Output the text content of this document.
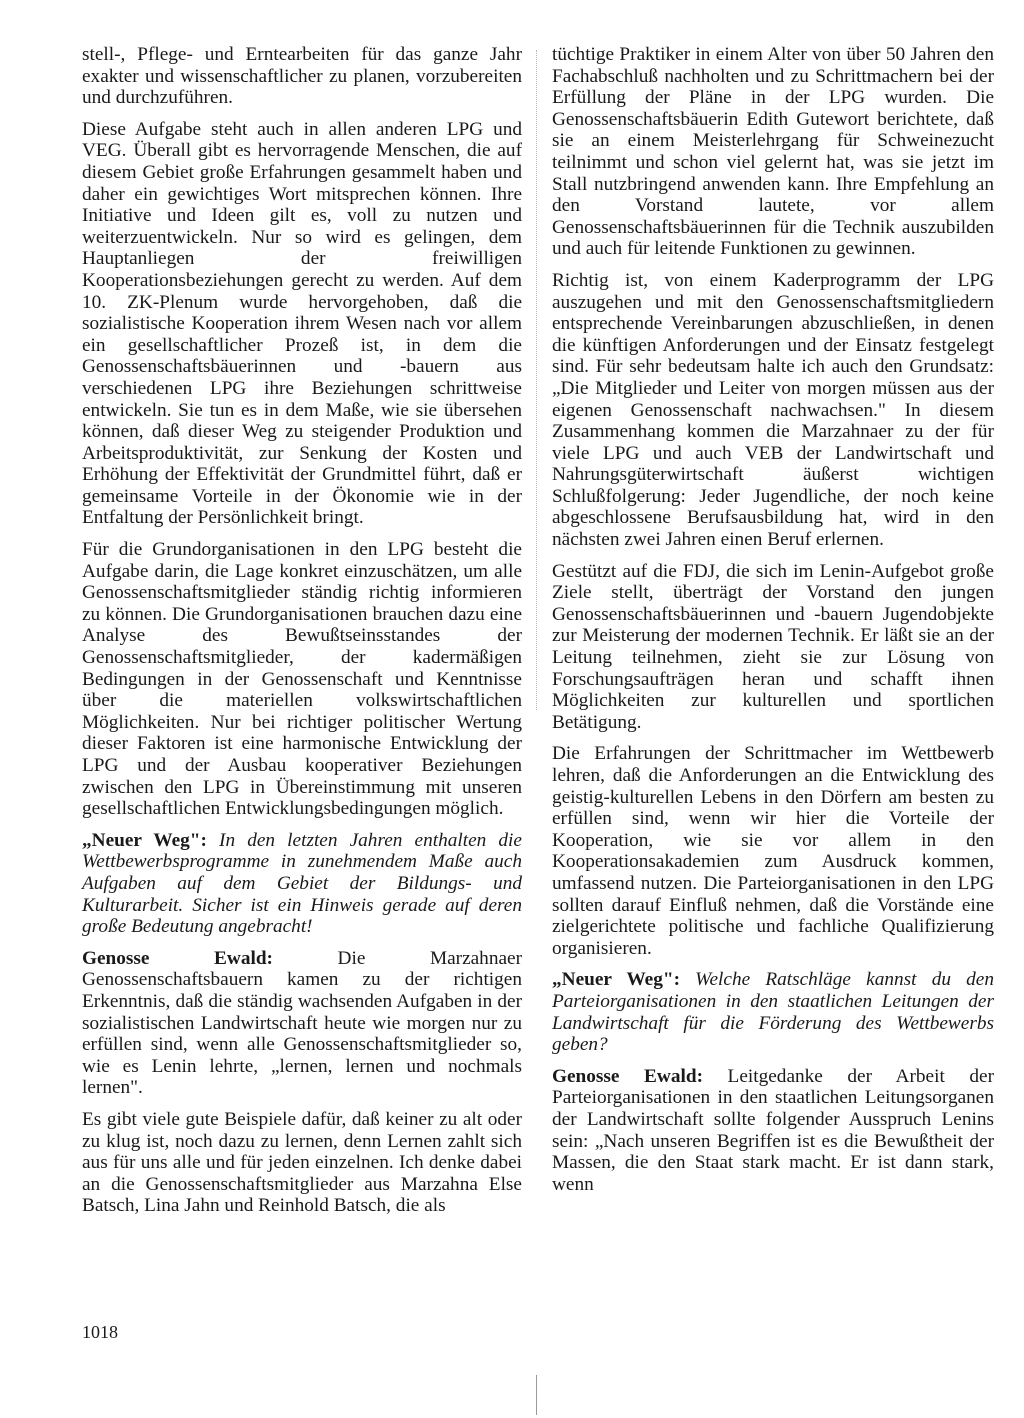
stell-, Pflege- und Erntearbeiten für das ganze Jahr exakter und wissenschaftlicher zu planen, vorzubereiten und durchzuführen.

Diese Aufgabe steht auch in allen anderen LPG und VEG. Überall gibt es hervorragende Menschen, die auf diesem Gebiet große Erfahrungen gesammelt haben und daher ein gewichtiges Wort mitsprechen können. Ihre Initiative und Ideen gilt es, voll zu nutzen und weiterzuentwickeln. Nur so wird es gelingen, dem Hauptanliegen der freiwilligen Kooperationsbeziehungen gerecht zu werden. Auf dem 10. ZK-Plenum wurde hervorgehoben, daß die sozialistische Kooperation ihrem Wesen nach vor allem ein gesellschaftlicher Prozeß ist, in dem die Genossenschaftsbäuerinnen und -bauern aus verschiedenen LPG ihre Beziehungen schrittweise entwickeln. Sie tun es in dem Maße, wie sie übersehen können, daß dieser Weg zu steigender Produktion und Arbeitsproduktivität, zur Senkung der Kosten und Erhöhung der Effektivität der Grundmittel führt, daß er gemeinsame Vorteile in der Ökonomie wie in der Entfaltung der Persönlichkeit bringt.

Für die Grundorganisationen in den LPG besteht die Aufgabe darin, die Lage konkret einzuschätzen, um alle Genossenschaftsmitglieder ständig richtig informieren zu können. Die Grundorganisationen brauchen dazu eine Analyse des Bewußtseinsstandes der Genossenschaftsmitglieder, der kadermäßigen Bedingungen in der Genossenschaft und Kenntnisse über die materiellen volkswirtschaftlichen Möglichkeiten. Nur bei richtiger politischer Wertung dieser Faktoren ist eine harmonische Entwicklung der LPG und der Ausbau kooperativer Beziehungen zwischen den LPG in Übereinstimmung mit unseren gesellschaftlichen Entwicklungsbedingungen möglich.

„Neuer Weg": In den letzten Jahren enthalten die Wettbewerbsprogramme in zunehmendem Maße auch Aufgaben auf dem Gebiet der Bildungs- und Kulturarbeit. Sicher ist ein Hinweis gerade auf deren große Bedeutung angebracht!

Genosse Ewald: Die Marzahnaer Genossenschaftsbauern kamen zu der richtigen Erkenntnis, daß die ständig wachsenden Aufgaben in der sozialistischen Landwirtschaft heute wie morgen nur zu erfüllen sind, wenn alle Genossenschaftsmitglieder so, wie es Lenin lehrte, „lernen, lernen und nochmals lernen".

Es gibt viele gute Beispiele dafür, daß keiner zu alt oder zu klug ist, noch dazu zu lernen, denn Lernen zahlt sich aus für uns alle und für jeden einzelnen. Ich denke dabei an die Genossenschaftsmitglieder aus Marzahna Else Batsch, Lina Jahn und Reinhold Batsch, die als

tüchtige Praktiker in einem Alter von über 50 Jahren den Fachabschluß nachholten und zu Schrittmachern bei der Erfüllung der Pläne in der LPG wurden. Die Genossenschaftsbäuerin Edith Gutewort berichtete, daß sie an einem Meisterlehrgang für Schweinezucht teilnimmt und schon viel gelernt hat, was sie jetzt im Stall nutzbringend anwenden kann. Ihre Empfehlung an den Vorstand lautete, vor allem Genossenschaftsbäuerinnen für die Technik auszubilden und auch für leitende Funktionen zu gewinnen.

Richtig ist, von einem Kaderprogramm der LPG auszugehen und mit den Genossenschaftsmitgliedern entsprechende Vereinbarungen abzuschließen, in denen die künftigen Anforderungen und der Einsatz festgelegt sind. Für sehr bedeutsam halte ich auch den Grundsatz: „Die Mitglieder und Leiter von morgen müssen aus der eigenen Genossenschaft nachwachsen." In diesem Zusammenhang kommen die Marzahnaer zu der für viele LPG und auch VEB der Landwirtschaft und Nahrungsgüterwirtschaft äußerst wichtigen Schlußfolgerung: Jeder Jugendliche, der noch keine abgeschlossene Berufsausbildung hat, wird in den nächsten zwei Jahren einen Beruf erlernen.

Gestützt auf die FDJ, die sich im Lenin-Aufgebot große Ziele stellt, überträgt der Vorstand den jungen Genossenschaftsbäuerinnen und -bauern Jugendobjekte zur Meisterung der modernen Technik. Er läßt sie an der Leitung teilnehmen, zieht sie zur Lösung von Forschungsaufträgen heran und schafft ihnen Möglichkeiten zur kulturellen und sportlichen Betätigung.

Die Erfahrungen der Schrittmacher im Wettbewerb lehren, daß die Anforderungen an die Entwicklung des geistig-kulturellen Lebens in den Dörfern am besten zu erfüllen sind, wenn wir hier die Vorteile der Kooperation, wie sie vor allem in den Kooperationsakademien zum Ausdruck kommen, umfassend nutzen. Die Parteiorganisationen in den LPG sollten darauf Einfluß nehmen, daß die Vorstände eine zielgerichtete politische und fachliche Qualifizierung organisieren.

„Neuer Weg": Welche Ratschläge kannst du den Parteiorganisationen in den staatlichen Leitungen der Landwirtschaft für die Förderung des Wettbewerbs geben?

Genosse Ewald: Leitgedanke der Arbeit der Parteiorganisationen in den staatlichen Leitungsorganen der Landwirtschaft sollte folgender Ausspruch Lenins sein: „Nach unseren Begriffen ist es die Bewußtheit der Massen, die den Staat stark macht. Er ist dann stark, wenn

1018
